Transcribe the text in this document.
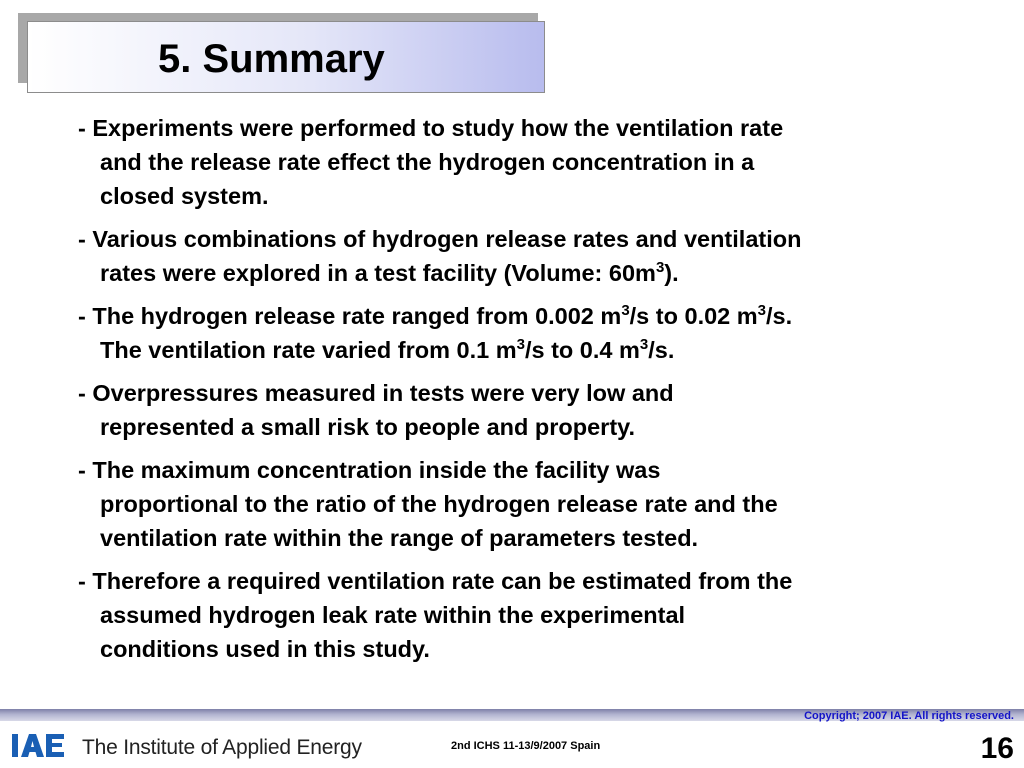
5. Summary
- Experiments were performed to study how the ventilation rate
and the release rate effect the hydrogen concentration in a
closed system.
- Various combinations of hydrogen release rates and ventilation
rates were explored in a test facility (Volume: $60m^3$).
- The hydrogen release rate ranged from 0.002 $m^3/s$ to 0.02 $m^3/s$.
The ventilation rate varied from 0.1 $m^3/s$ to 0.4 $m^3/s$.
- Overpressures measured in tests were very low and
represented a small risk to people and property.
- The maximum concentration inside the facility was
proportional to the ratio of the hydrogen release rate and the
ventilation rate within the range of parameters tested.
- Therefore a required ventilation rate can be estimated from the
assumed hydrogen leak rate within the experimental
conditions used in this study.
Copyright; 2007 IAE. All rights reserved.
The Institute of Applied Energy	2nd ICHS 11-13/9/2007 Spain	16
